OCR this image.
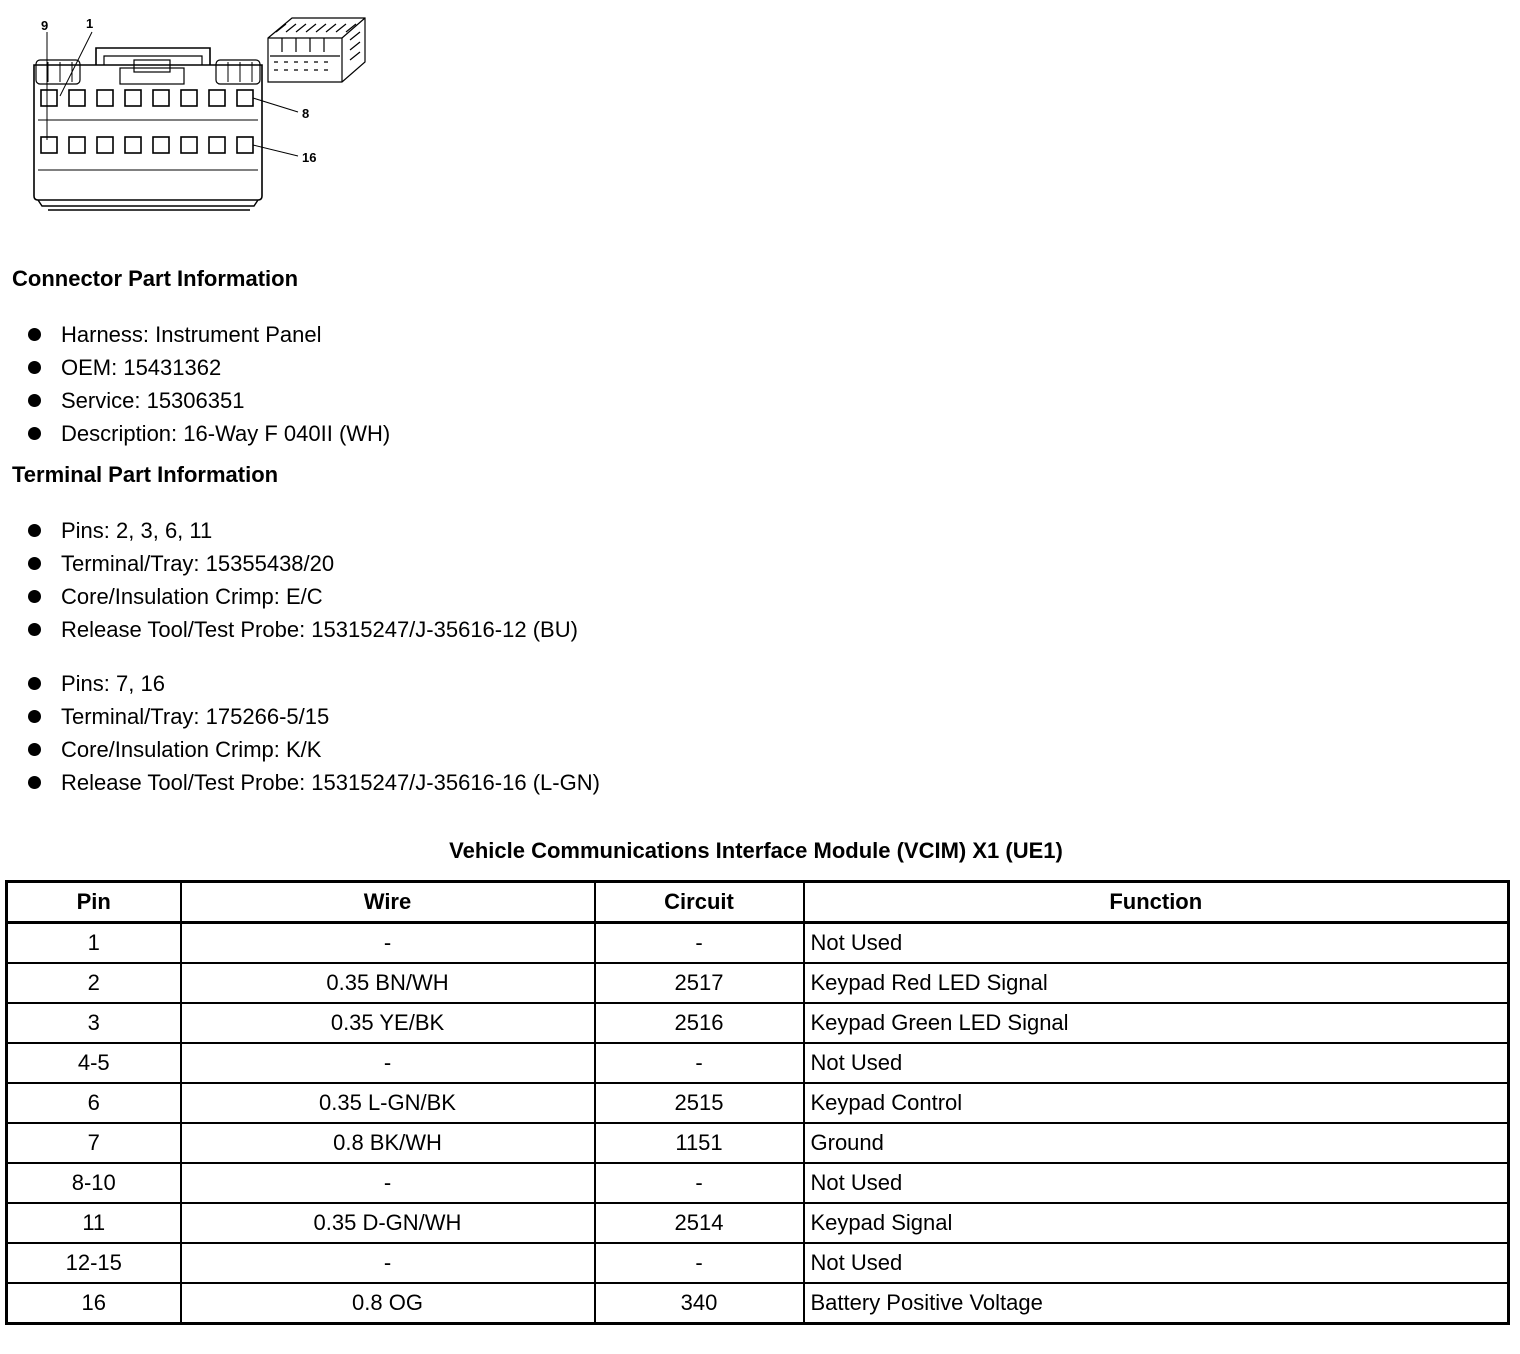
9	1
8
16
Connector Part Information
Harness: Instrument Panel
OEM: 15431362
Service: 15306351
Description: 16-Way F 040II (WH)
Terminal Part Information
Pins: 2, 3, 6, 11
Terminal/Tray: 15355438/20
Core/Insulation Crimp: E/C
Release Tool/Test Probe: 15315247/J-35616-12 (BU)
Pins: 7, 16
Terminal/Tray: 175266-5/15
Core/Insulation Crimp: K/K
Release Tool/Test Probe: 15315247/J-35616-16 (L-GN)
Vehicle Communications Interface Module (VCIM) X1 (UE1)
Pin	Wire	Circuit	Function
1	-	-	Not Used
2	0.35 BN/WH	2517	Keypad Red LED Signal
3	0.35 YE/BK	2516	Keypad Green LED Signal
4-5	-	-	Not Used
6	0.35 L-GN/BK	2515	Keypad Control
7	0.8 BK/WH	1151	Ground
8-10	-	-	Not Used
11	0.35 D-GN/WH	2514	Keypad Signal
12-15	-	-	Not Used
16	0.8 OG	340	Battery Positive Voltage
